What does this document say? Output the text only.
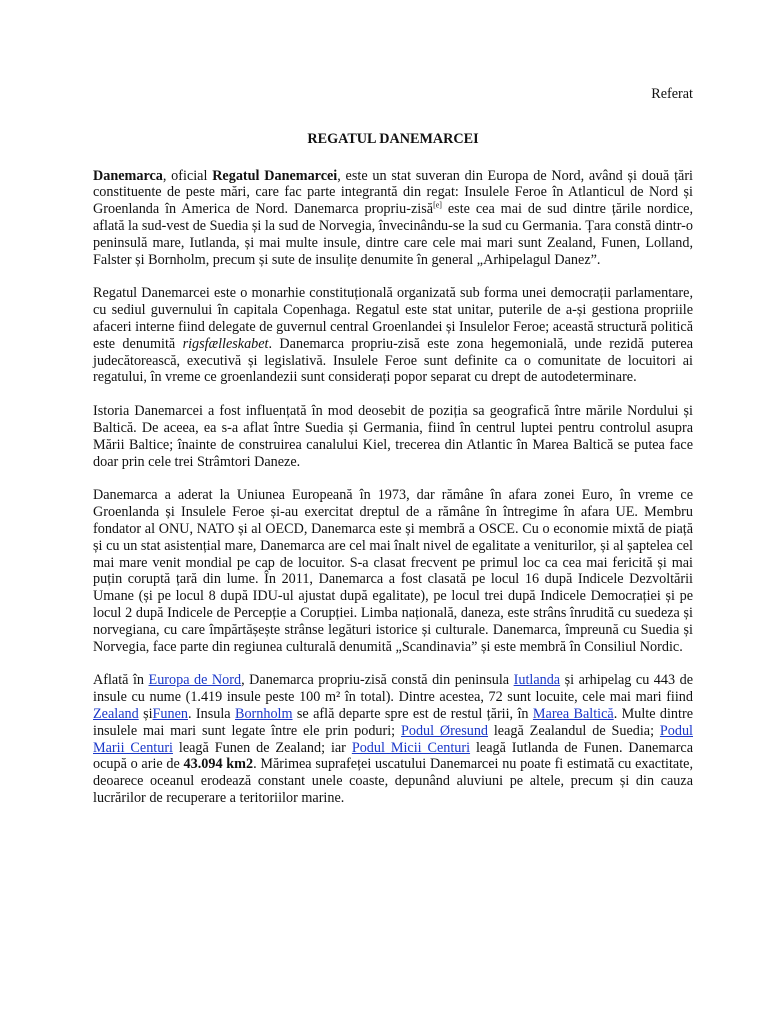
Referat
REGATUL DANEMARCEI

Danemarca, oficial Regatul Danemarcei, este un stat suveran din Europa de Nord, având și două țări constituente de peste mări, care fac parte integrantă din regat: Insulele Feroe în Atlanticul de Nord și Groenlanda în America de Nord. Danemarca propriu-zisă[e] este cea mai de sud dintre țările nordice, aflată la sud-vest de Suedia și la sud de Norvegia, învecinându-se la sud cu Germania. Țara constă dintr-o peninsulă mare, Iutlanda, și mai multe insule, dintre care cele mai mari sunt Zealand, Funen, Lolland, Falster și Bornholm, precum și sute de insulițe denumite în general „Arhipelagul Danez”.

Regatul Danemarcei este o monarhie constituțională organizată sub forma unei democrații parlamentare, cu sediul guvernului în capitala Copenhaga. Regatul este stat unitar, puterile de a-și gestiona propriile afaceri interne fiind delegate de guvernul central Groenlandei și Insulelor Feroe; această structură politică este denumită rigsfælleskabet. Danemarca propriu-zisă este zona hegemonială, unde rezidă puterea judecătorească, executivă și legislativă. Insulele Feroe sunt definite ca o comunitate de locuitori ai regatului, în vreme ce groenlandezii sunt considerați popor separat cu drept de autodeterminare.

Istoria Danemarcei a fost influențată în mod deosebit de poziția sa geografică între mările Nordului și Baltică. De aceea, ea s-a aflat între Suedia și Germania, fiind în centrul luptei pentru controlul asupra Mării Baltice; înainte de construirea canalului Kiel, trecerea din Atlantic în Marea Baltică se putea face doar prin cele trei Strâmtori Daneze.

Danemarca a aderat la Uniunea Europeană în 1973, dar rămâne în afara zonei Euro, în vreme ce Groenlanda și Insulele Feroe și-au exercitat dreptul de a rămâne în întregime în afara UE. Membru fondator al ONU, NATO și al OECD, Danemarca este și membră a OSCE. Cu o economie mixtă de piață și cu un stat asistențial mare, Danemarca are cel mai înalt nivel de egalitate a veniturilor, și al șaptelea cel mai mare venit mondial pe cap de locuitor. S-a clasat frecvent pe primul loc ca cea mai fericită și mai puțin coruptă țară din lume. În 2011, Danemarca a fost clasată pe locul 16 după Indicele Dezvoltării Umane (și pe locul 8 după IDU-ul ajustat după egalitate), pe locul trei după Indicele Democrației și pe locul 2 după Indicele de Percepție a Corupției. Limba națională, daneza, este strâns înrudită cu suedeza și norvegiana, cu care împărtășește strânse legături istorice și culturale. Danemarca, împreună cu Suedia și Norvegia, face parte din regiunea culturală denumită „Scandinavia” și este membră în Consiliul Nordic.

Aflată în Europa de Nord, Danemarca propriu-zisă constă din peninsula Iutlanda și arhipelag cu 443 de insule cu nume (1.419 insule peste 100 m² în total). Dintre acestea, 72 sunt locuite, cele mai mari fiind Zealand șiFunen. Insula Bornholm se află departe spre est de restul țării, în Marea Baltică. Multe dintre insulele mai mari sunt legate între ele prin poduri; Podul Øresund leagă Zealandul de Suedia; Podul Marii Centuri leagă Funen de Zealand; iar Podul Micii Centuri leagă Iutlanda de Funen. Danemarca ocupă o arie de 43.094 km2. Mărimea suprafeței uscatului Danemarcei nu poate fi estimată cu exactitate, deoarece oceanul erodează constant unele coaste, depunând aluviuni pe altele, precum și din cauza lucrărilor de recuperare a teritoriilor marine.
